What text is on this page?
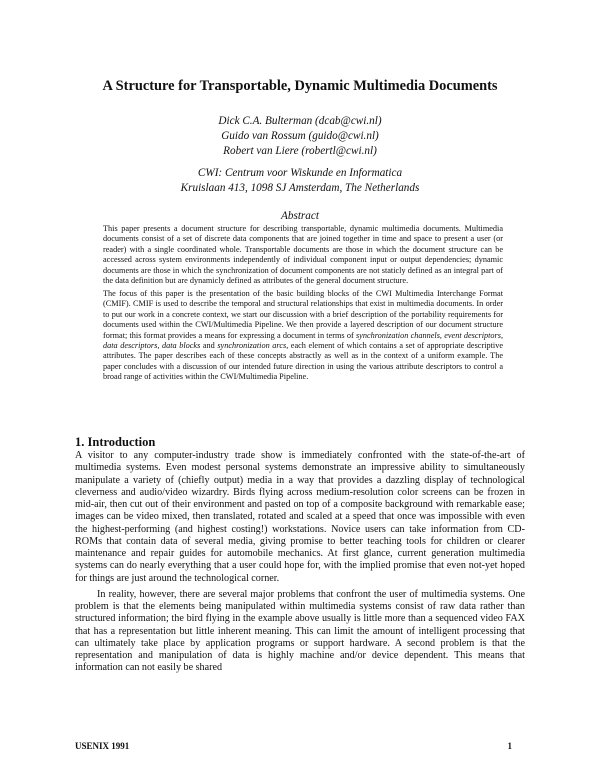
A Structure for Transportable, Dynamic Multimedia Documents
Dick C.A. Bulterman (dcab@cwi.nl)
Guido van Rossum (guido@cwi.nl)
Robert van Liere (robertl@cwi.nl)
CWI: Centrum voor Wiskunde en Informatica
Kruislaan 413, 1098 SJ Amsterdam, The Netherlands
Abstract

This paper presents a document structure for describing transportable, dynamic multimedia documents. Multimedia documents consist of a set of discrete data components that are joined together in time and space to present a user (or reader) with a single coordinated whole. Transportable documents are those in which the document structure can be accessed across system environments independently of individual component input or output dependencies; dynamic documents are those in which the synchronization of document components are not staticly defined as an integral part of the data definition but are dynamicly defined as attributes of the general document structure.

The focus of this paper is the presentation of the basic building blocks of the CWI Multimedia Interchange Format (CMIF). CMIF is used to describe the temporal and structural relationships that exist in multimedia documents. In order to put our work in a concrete context, we start our discussion with a brief description of the portability requirements for documents used within the CWI/Multimedia Pipeline. We then provide a layered description of our document structure format; this format provides a means for expressing a document in terms of synchronization channels, event descriptors, data descriptors, data blocks and synchronization arcs, each element of which contains a set of appropriate descriptive attributes. The paper describes each of these concepts abstractly as well as in the context of a uniform example. The paper concludes with a discussion of our intended future direction in using the various attribute descriptors to control a broad range of activities within the CWI/Multimedia Pipeline.

1. Introduction

A visitor to any computer-industry trade show is immediately confronted with the state-of-the-art of multimedia systems. Even modest personal systems demonstrate an impressive ability to simultaneously manipulate a variety of (chiefly output) media in a way that provides a dazzling display of technological cleverness and audio/video wizardry. Birds flying across medium-resolution color screens can be frozen in mid-air, then cut out of their environment and pasted on top of a composite background with remarkable ease; images can be video mixed, then translated, rotated and scaled at a speed that once was impossible with even the highest-performing (and highest costing!) workstations. Novice users can take information from CD-ROMs that contain data of several media, giving promise to better teaching tools for children or clearer maintenance and repair guides for automobile mechanics. At first glance, current generation multimedia systems can do nearly everything that a user could hope for, with the implied promise that even not-yet hoped for things are just around the technological corner.

In reality, however, there are several major problems that confront the user of multimedia systems. One problem is that the elements being manipulated within multimedia systems consist of raw data rather than structured information; the bird flying in the example above usually is little more than a sequenced video FAX that has a representation but little inherent meaning. This can limit the amount of intelligent processing that can ultimately take place by application programs or support hardware. A second problem is that the representation and manipulation of data is highly machine and/or device dependent. This means that information can not easily be shared

USENIX 1991	1
